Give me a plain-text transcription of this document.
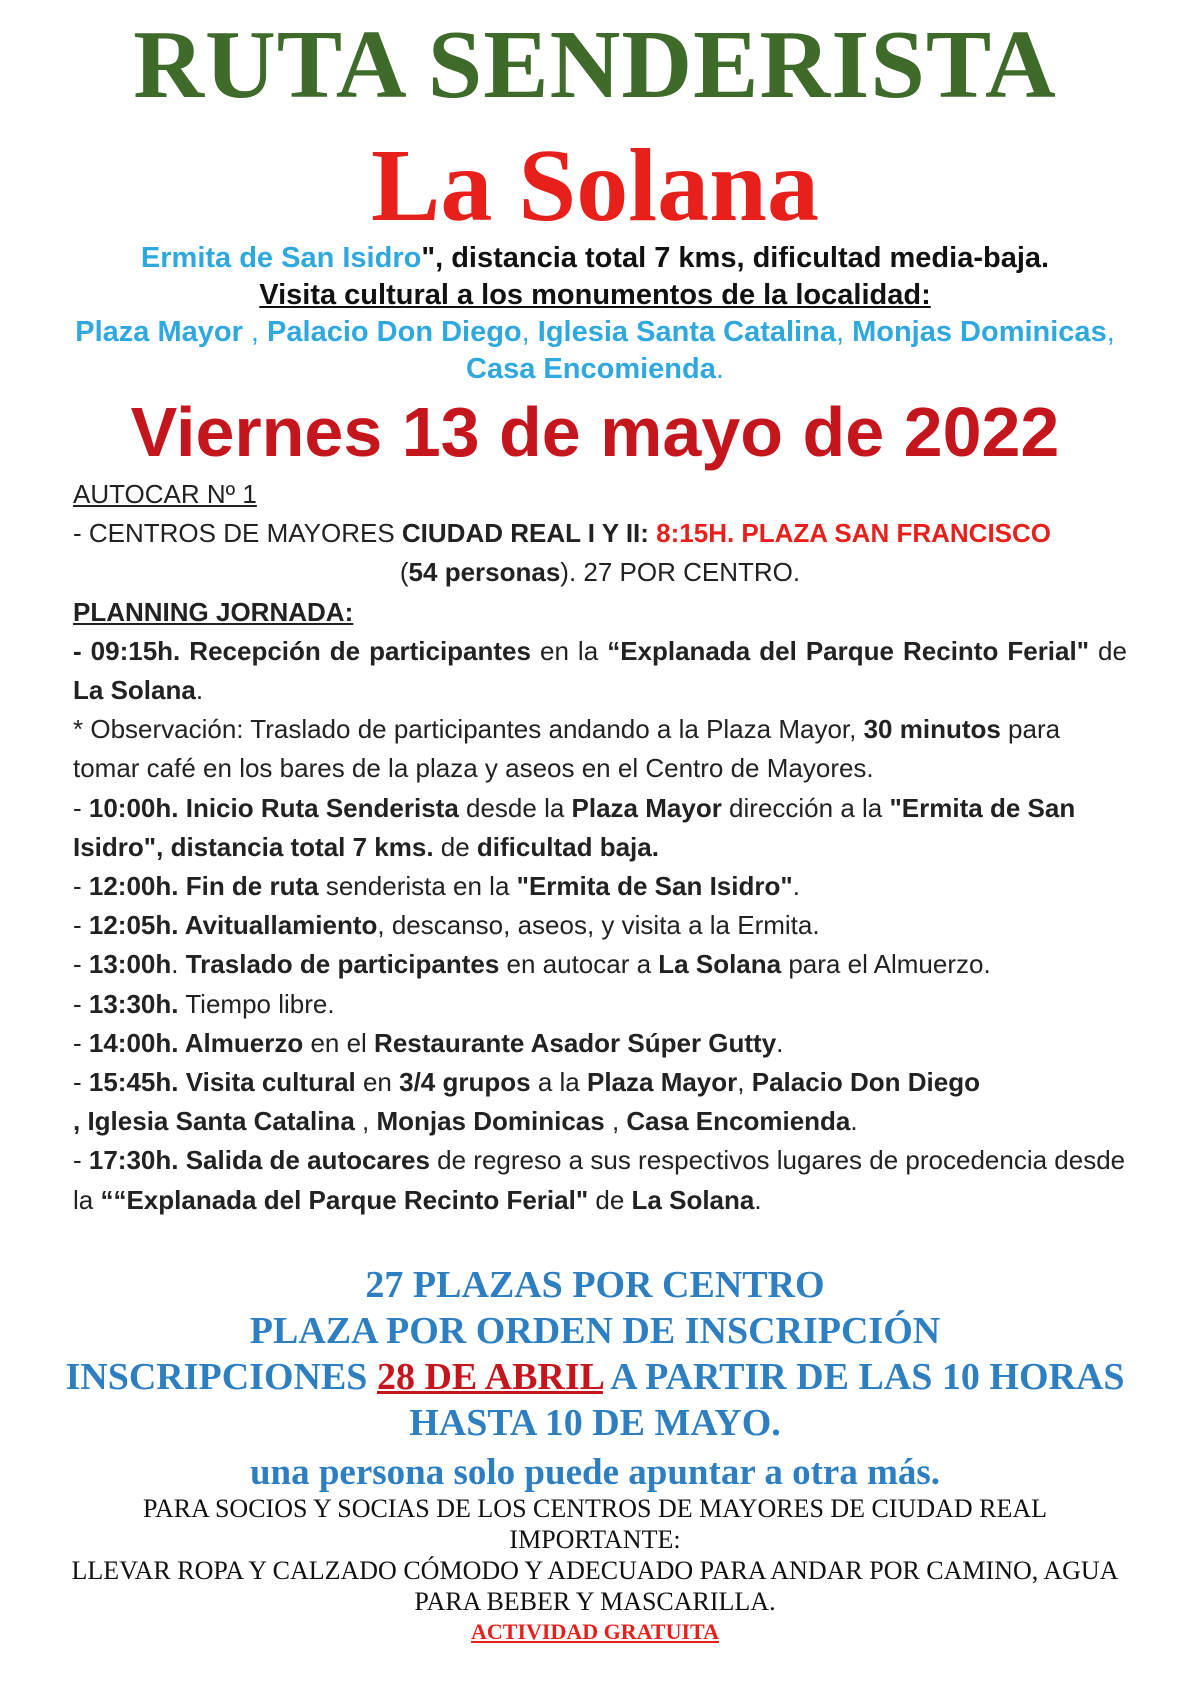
RUTA SENDERISTA
La Solana
Ermita de San Isidro", distancia total 7 kms, dificultad media-baja.
Visita cultural a los monumentos de la localidad:
Plaza Mayor , Palacio Don Diego, Iglesia Santa Catalina, Monjas Dominicas, Casa Encomienda.
Viernes 13 de mayo de 2022

AUTOCAR Nº 1

- CENTROS DE MAYORES CIUDAD REAL I Y II: 8:15H. PLAZA SAN FRANCISCO

(54 personas). 27 POR CENTRO.

PLANNING JORNADA:

- 09:15h. Recepción de participantes en la “Explanada del Parque Recinto Ferial" de La Solana.

* Observación: Traslado de participantes andando a la Plaza Mayor, 30 minutos para tomar café en los bares de la plaza y aseos en el Centro de Mayores.

- 10:00h. Inicio Ruta Senderista desde la Plaza Mayor dirección a la "Ermita de San Isidro", distancia total 7 kms. de dificultad baja.

- 12:00h. Fin de ruta senderista en la "Ermita de San Isidro".

- 12:05h. Avituallamiento, descanso, aseos, y visita a la Ermita.

- 13:00h. Traslado de participantes en autocar a La Solana para el Almuerzo.

- 13:30h. Tiempo libre.

- 14:00h. Almuerzo en el Restaurante Asador Súper Gutty.

- 15:45h. Visita cultural en 3/4 grupos a la Plaza Mayor, Palacio Don Diego
, Iglesia Santa Catalina , Monjas Dominicas , Casa Encomienda.

- 17:30h. Salida de autocares de regreso a sus respectivos lugares de procedencia desde la ““Explanada del Parque Recinto Ferial" de La Solana.

27 PLAZAS POR CENTRO
PLAZA POR ORDEN DE INSCRIPCIÓN
INSCRIPCIONES 28 DE ABRIL A PARTIR DE LAS 10 HORAS HASTA 10 DE MAYO.
una persona solo puede apuntar a otra más.
PARA SOCIOS Y SOCIAS DE LOS CENTROS DE MAYORES DE CIUDAD REAL
IMPORTANTE:
LLEVAR ROPA Y CALZADO CÓMODO Y ADECUADO PARA ANDAR POR CAMINO, AGUA PARA BEBER Y MASCARILLA.
ACTIVIDAD GRATUITA
